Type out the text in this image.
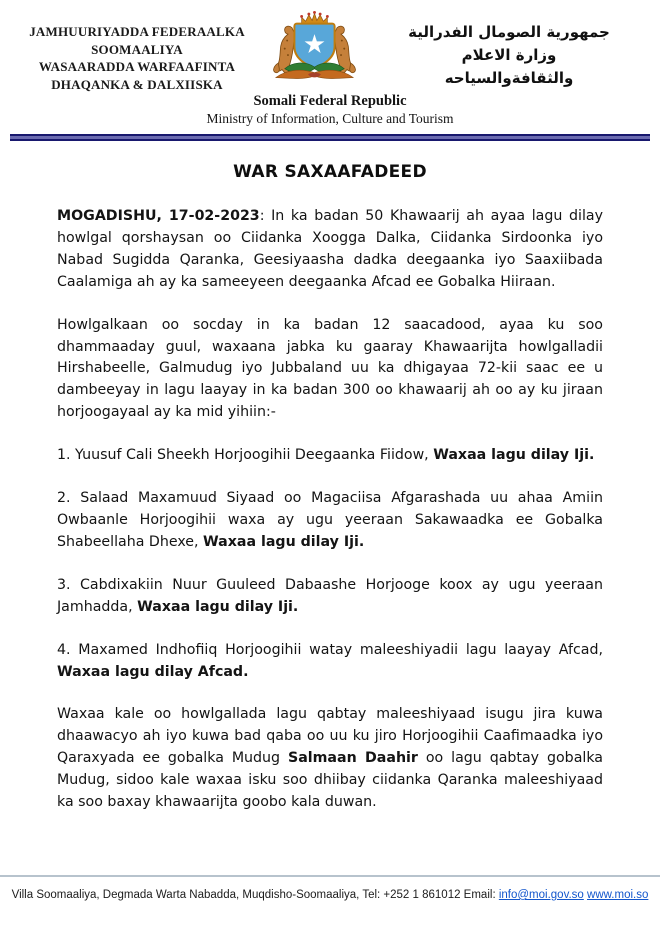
JAMHUURIYADDA FEDERAALKA
SOOMAALIYA
WASAARADDA WARFAAFINTA
DHAQANKA & DALXIISKA
جمهورية الصومال الفدرالية
وزارة الاعلام
والثقافةوالسياحه
Somali Federal Republic
Ministry of Information, Culture and Tourism
WAR SAXAAFADEED

MOGADISHU, 17-02-2023: In ka badan 50 Khawaarij ah ayaa lagu dilay howlgal qorshaysan oo Ciidanka Xoogga Dalka, Ciidanka Sirdoonka iyo Nabad Sugidda Qaranka, Geesiyaasha dadka deegaanka iyo Saaxiibada Caalamiga ah ay ka sameeyeen deegaanka Afcad ee Gobalka Hiiraan.

Howlgalkaan oo socday in ka badan 12 saacadood, ayaa ku soo dhammaaday guul, waxaana jabka ku gaaray Khawaarijta howlgalladii Hirshabeelle, Galmudug iyo Jubbaland uu ka dhigayaa 72-kii saac ee u dambeeyay in lagu laayay in ka badan 300 oo khawaarij ah oo ay ku jiraan horjoogayaal ay ka mid yihiin:-

1. Yuusuf Cali Sheekh Horjoogihii Deegaanka Fiidow, Waxaa lagu dilay Iji.

2. Salaad Maxamuud Siyaad oo Magaciisa Afgarashada uu ahaa Amiin Owbaanle Horjoogihii waxa ay ugu yeeraan Sakawaadka ee Gobalka Shabeellaha Dhexe, Waxaa lagu dilay Iji.

3. Cabdixakiin Nuur Guuleed Dabaashe Horjooge koox ay ugu yeeraan Jamhadda, Waxaa lagu dilay Iji.

4. Maxamed Indhofiiq Horjoogihii watay maleeshiyadii lagu laayay Afcad, Waxaa lagu dilay Afcad.

Waxaa kale oo howlgallada lagu qabtay maleeshiyaad isugu jira kuwa dhaawacyo ah iyo kuwa bad qaba oo uu ku jiro Horjoogihii Caafimaadka iyo Qaraxyada ee gobalka Mudug Salmaan Daahir oo lagu qabtay gobalka Mudug, sidoo kale waxaa isku soo dhiibay ciidanka Qaranka maleeshiyaad ka soo baxay khawaarijta goobo kala duwan.

Villa Soomaaliya, Degmada Warta Nabadda, Muqdisho-Soomaaliya, Tel: +252 1 861012 Email: info@moi.gov.so www.moi.so
